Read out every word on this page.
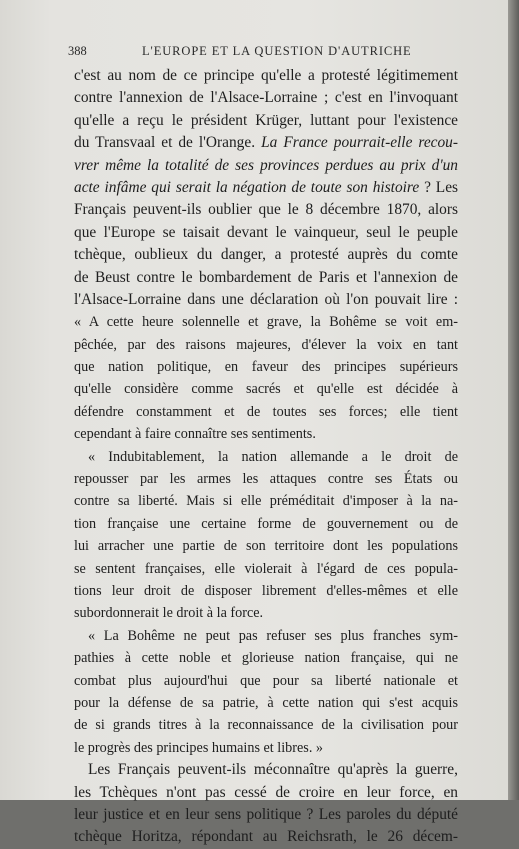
388	L'EUROPE ET LA QUESTION D'AUTRICHE
c'est au nom de ce principe qu'elle a protesté légitimement
contre l'annexion de l'Alsace-Lorraine ; c'est en l'invoquant
qu'elle a reçu le président Krüger, luttant pour l'existence
du Transvaal et de l'Orange. La France pourrait-elle recou-
vrer même la totalité de ses provinces perdues au prix d'un
acte infâme qui serait la négation de toute son histoire ? Les
Français peuvent-ils oublier que le 8 décembre 1870, alors
que l'Europe se taisait devant le vainqueur, seul le peuple
tchèque, oublieux du danger, a protesté auprès du comte
de Beust contre le bombardement de Paris et l'annexion de
l'Alsace-Lorraine dans une déclaration où l'on pouvait lire :
« A cette heure solennelle et grave, la Bohême se voit em-
pêchée, par des raisons majeures, d'élever la voix en tant
que nation politique, en faveur des principes supérieurs
qu'elle considère comme sacrés et qu'elle est décidée à
défendre constamment et de toutes ses forces; elle tient
cependant à faire connaître ses sentiments.
« Indubitablement, la nation allemande a le droit de
repousser par les armes les attaques contre ses États ou
contre sa liberté. Mais si elle préméditait d'imposer à la na-
tion française une certaine forme de gouvernement ou de
lui arracher une partie de son territoire dont les populations
se sentent françaises, elle violerait à l'égard de ces popula-
tions leur droit de disposer librement d'elles-mêmes et elle
subordonnerait le droit à la force.
« La Bohême ne peut pas refuser ses plus franches sym-
pathies à cette noble et glorieuse nation française, qui ne
combat plus aujourd'hui que pour sa liberté nationale et
pour la défense de sa patrie, à cette nation qui s'est acquis
de si grands titres à la reconnaissance de la civilisation pour
le progrès des principes humains et libres. »
Les Français peuvent-ils méconnaître qu'après la guerre,
les Tchèques n'ont pas cessé de croire en leur force, en
leur justice et en leur sens politique ? Les paroles du député
tchèque Horitza, répondant au Reichsrath, le 26 décem-
